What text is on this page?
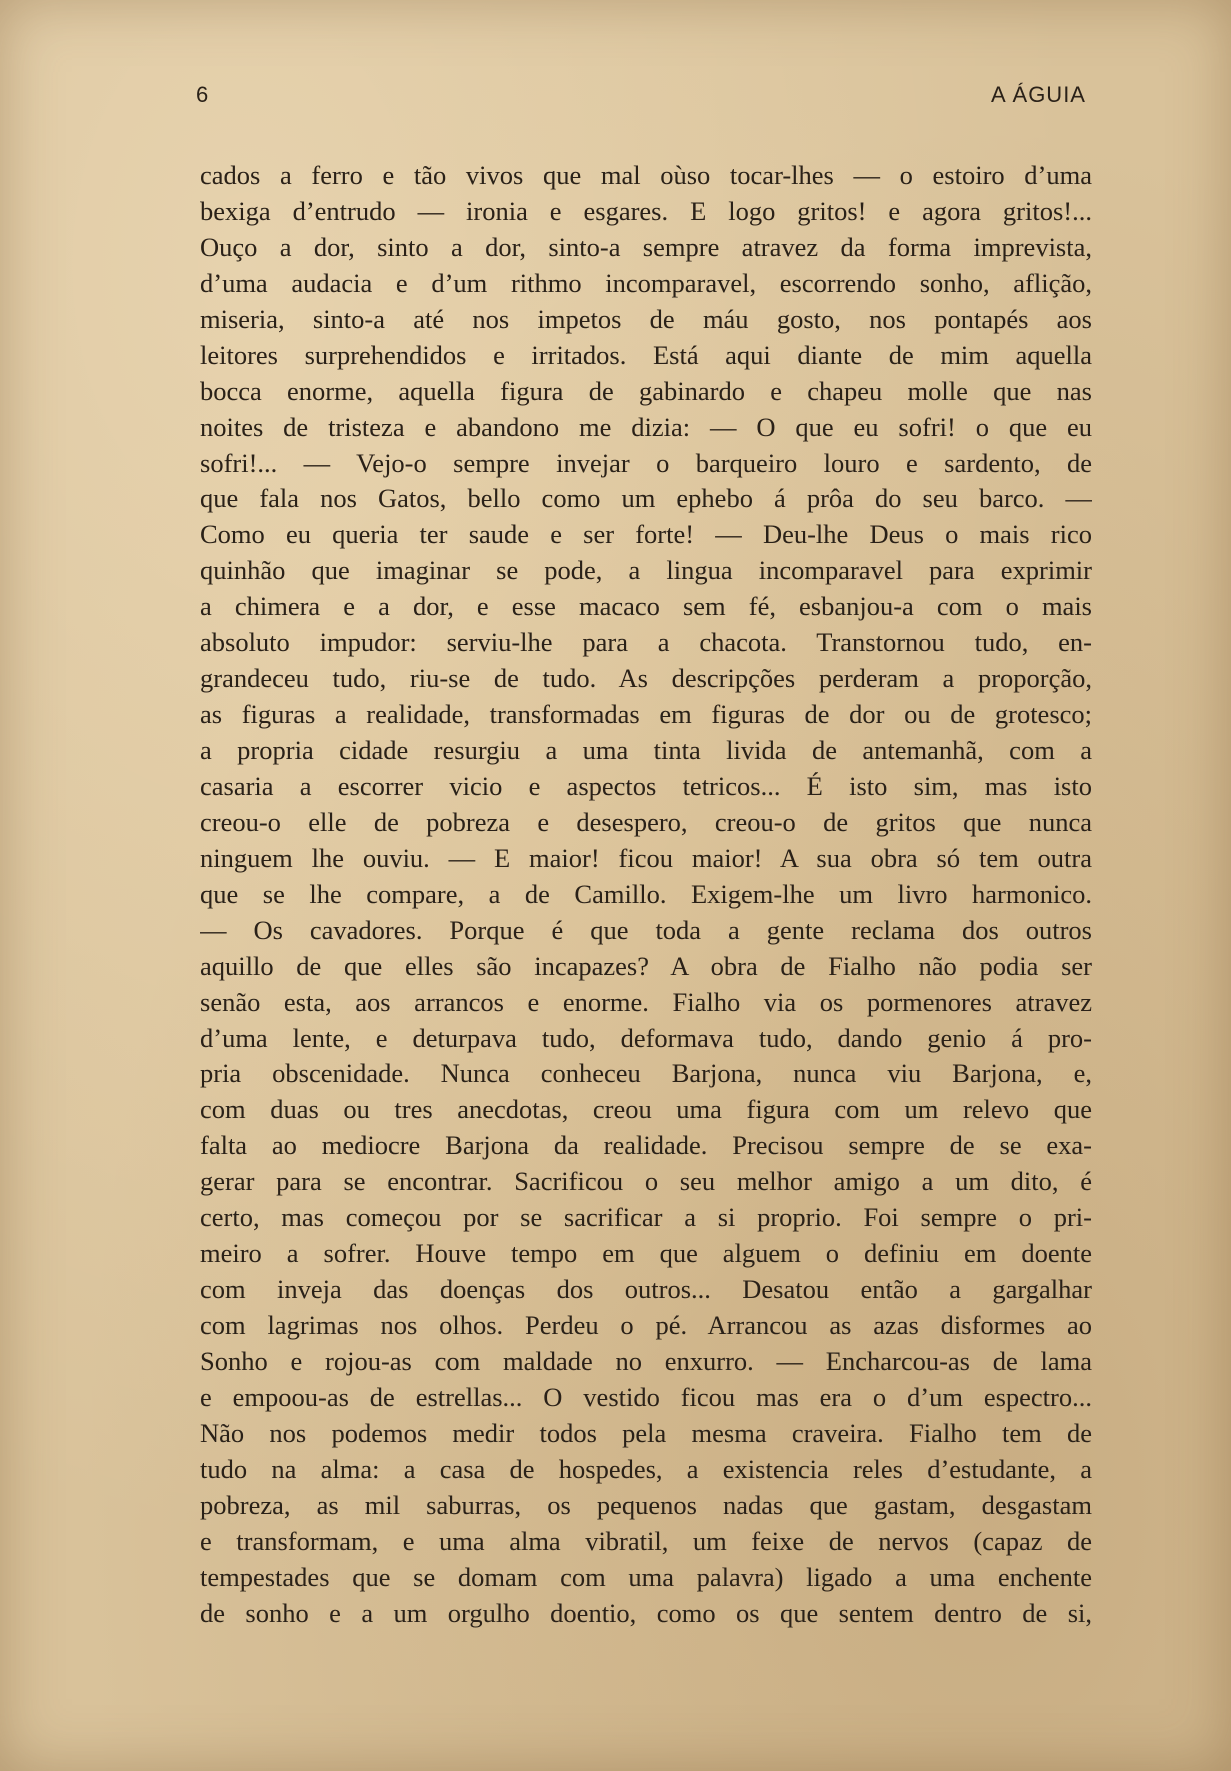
6	A ÁGUIA
cados a ferro e tão vivos que mal oùso tocar-lhes — o estoiro d’uma
bexiga d’entrudo — ironia e esgares. E logo gritos! e agora gritos!...
Ouço a dor, sinto a dor, sinto-a sempre atravez da forma imprevista,
d’uma audacia e d’um rithmo incomparavel, escorrendo sonho, aflição,
miseria, sinto-a até nos impetos de máu gosto, nos pontapés aos
leitores surprehendidos e irritados. Está aqui diante de mim aquella
bocca enorme, aquella figura de gabinardo e chapeu molle que nas
noites de tristeza e abandono me dizia: — O que eu sofri! o que eu
sofri!... — Vejo-o sempre invejar o barqueiro louro e sardento, de
que fala nos Gatos, bello como um ephebo á prôa do seu barco. —
Como eu queria ter saude e ser forte! — Deu-lhe Deus o mais rico
quinhão que imaginar se pode, a lingua incomparavel para exprimir
a chimera e a dor, e esse macaco sem fé, esbanjou-a com o mais
absoluto impudor: serviu-lhe para a chacota. Transtornou tudo, en-
grandeceu tudo, riu-se de tudo. As descripções perderam a proporção,
as figuras a realidade, transformadas em figuras de dor ou de grotesco;
a propria cidade resurgiu a uma tinta livida de antemanhã, com a
casaria a escorrer vicio e aspectos tetricos... É isto sim, mas isto
creou-o elle de pobreza e desespero, creou-o de gritos que nunca
ninguem lhe ouviu. — E maior! ficou maior! A sua obra só tem outra
que se lhe compare, a de Camillo. Exigem-lhe um livro harmonico.
— Os cavadores. Porque é que toda a gente reclama dos outros
aquillo de que elles são incapazes? A obra de Fialho não podia ser
senão esta, aos arrancos e enorme. Fialho via os pormenores atravez
d’uma lente, e deturpava tudo, deformava tudo, dando genio á pro-
pria obscenidade. Nunca conheceu Barjona, nunca viu Barjona, e,
com duas ou tres anecdotas, creou uma figura com um relevo que
falta ao mediocre Barjona da realidade. Precisou sempre de se exa-
gerar para se encontrar. Sacrificou o seu melhor amigo a um dito, é
certo, mas começou por se sacrificar a si proprio. Foi sempre o pri-
meiro a sofrer. Houve tempo em que alguem o definiu em doente
com inveja das doenças dos outros... Desatou então a gargalhar
com lagrimas nos olhos. Perdeu o pé. Arrancou as azas disformes ao
Sonho e rojou-as com maldade no enxurro. — Encharcou-as de lama
e empoou-as de estrellas... O vestido ficou mas era o d’um espectro...
Não nos podemos medir todos pela mesma craveira. Fialho tem de
tudo na alma: a casa de hospedes, a existencia reles d’estudante, a
pobreza, as mil saburras, os pequenos nadas que gastam, desgastam
e transformam, e uma alma vibratil, um feixe de nervos (capaz de
tempestades que se domam com uma palavra) ligado a uma enchente
de sonho e a um orgulho doentio, como os que sentem dentro de si,
